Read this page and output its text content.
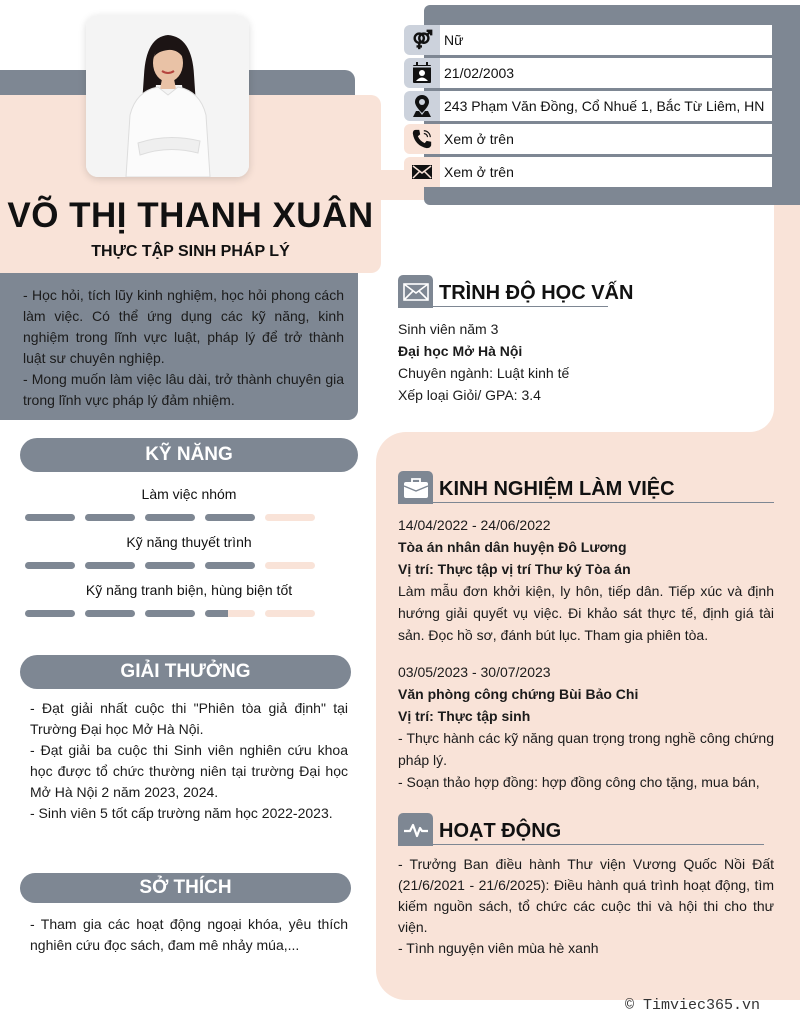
VÕ THỊ THANH XUÂN
THỰC TẬP SINH PHÁP LÝ

- Học hỏi, tích lũy kinh nghiệm, học hỏi phong cách làm việc. Có thể ứng dụng các kỹ năng, kinh nghiệm trong lĩnh vực luật, pháp lý để trở thành luật sư chuyên nghiệp.

- Mong muốn làm việc lâu dài, trở thành chuyên gia trong lĩnh vực pháp lý đảm nhiệm.

Nữ
21/02/2003
243 Phạm Văn Đồng, Cổ Nhuế 1, Bắc Từ Liêm, HN
Xem ở trên
Xem ở trên
KỸ NĂNG
Làm việc nhóm
Kỹ năng thuyết trình
Kỹ năng tranh biện, hùng biện tốt
GIẢI THƯỞNG
- Đạt giải nhất cuộc thi "Phiên tòa giả định" tại Trường Đại học Mở Hà Nội.
- Đạt giải ba cuộc thi Sinh viên nghiên cứu khoa học được tổ chức thường niên tại trường Đại học Mở Hà Nội 2 năm 2023, 2024.
- Sinh viên 5 tốt cấp trường năm học 2022-2023.
SỞ THÍCH
- Tham gia các hoạt động ngoại khóa, yêu thích nghiên cứu đọc sách, đam mê nhảy múa,...
TRÌNH ĐỘ HỌC VẤN
Sinh viên năm 3
Đại học Mở Hà Nội
Chuyên ngành: Luật kinh tế
Xếp loại Giỏi/ GPA: 3.4
KINH NGHIỆM LÀM VIỆC
14/04/2022 - 24/06/2022
Tòa án nhân dân huyện Đô Lương
Vị trí: Thực tập vị trí Thư ký Tòa án
Làm mẫu đơn khởi kiện, ly hôn, tiếp dân. Tiếp xúc và định hướng giải quyết vụ việc. Đi khảo sát thực tế, định giá tài sản. Đọc hồ sơ, đánh bút lục. Tham gia phiên tòa.
03/05/2023 - 30/07/2023
Văn phòng công chứng Bùi Bảo Chi
Vị trí: Thực tập sinh
- Thực hành các kỹ năng quan trọng trong nghề công chứng pháp lý.
- Soạn thảo hợp đồng: hợp đồng công cho tặng, mua bán,
HOẠT ĐỘNG
- Trưởng Ban điều hành Thư viện Vương Quốc Nồi Đất (21/6/2021 - 21/6/2025): Điều hành quá trình hoạt động, tìm kiếm nguồn sách, tổ chức các cuộc thi và hội thi cho thư viện.
- Tình nguyện viên mùa hè xanh
© Timviec365.vn
